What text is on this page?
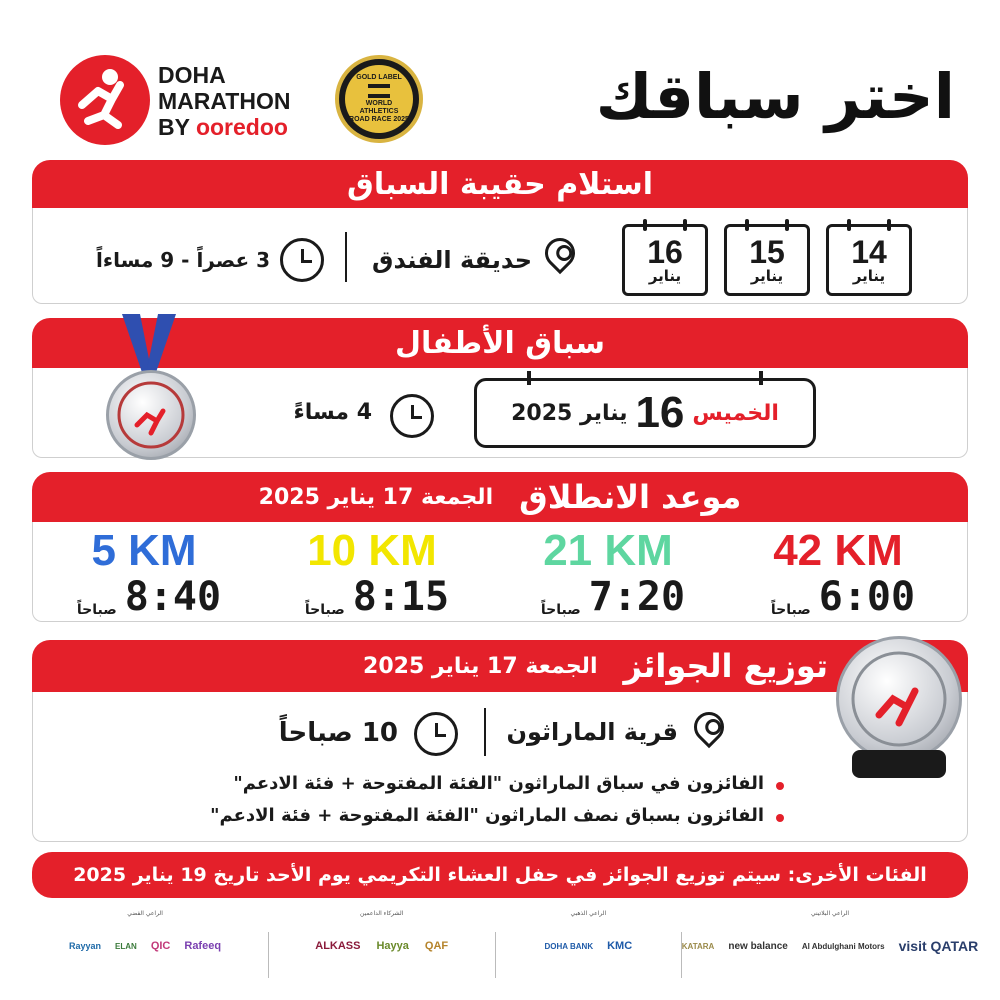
DOHA
MARATHON
BY ooredoo
GOLD LABEL
WORLD
ATHLETICS
ROAD RACE 2025	اختر سباقك
استلام حقيبة السباق
14
يناير
15
يناير
16
يناير
حديقة الفندق
3 عصراً - 9 مساءاً
سباق الأطفال
4 مساءً	الخميس
16
يناير 2025
موعد الانطلاق
الجمعة 17 يناير 2025
42 KM
صباحاً 6:00
21 KM
صباحاً 7:20
10 KM
صباحاً 8:15
5 KM
صباحاً 8:40
توزيع الجوائز
الجمعة 17 يناير 2025
قرية الماراثون
10 صباحاً
الفائزون في سباق الماراثون "الفئة المفتوحة + فئة الادعم"
الفائزون بسباق نصف الماراثون "الفئة المفتوحة + فئة الادعم"
الفئات الأخرى: سيتم توزيع الجوائز في حفل العشاء التكريمي يوم الأحد تاريخ 19 يناير 2025
الراعي البلاتيني
visit QATAR
Al Abdulghani Motors
new balance
KATARA
الراعي الذهبي
KMC
DOHA BANK
الشركاء الداعمين
QAF
Hayya
ALKASS
الراعي الفضي
Rafeeq
QIC
ELAN
Rayyan
